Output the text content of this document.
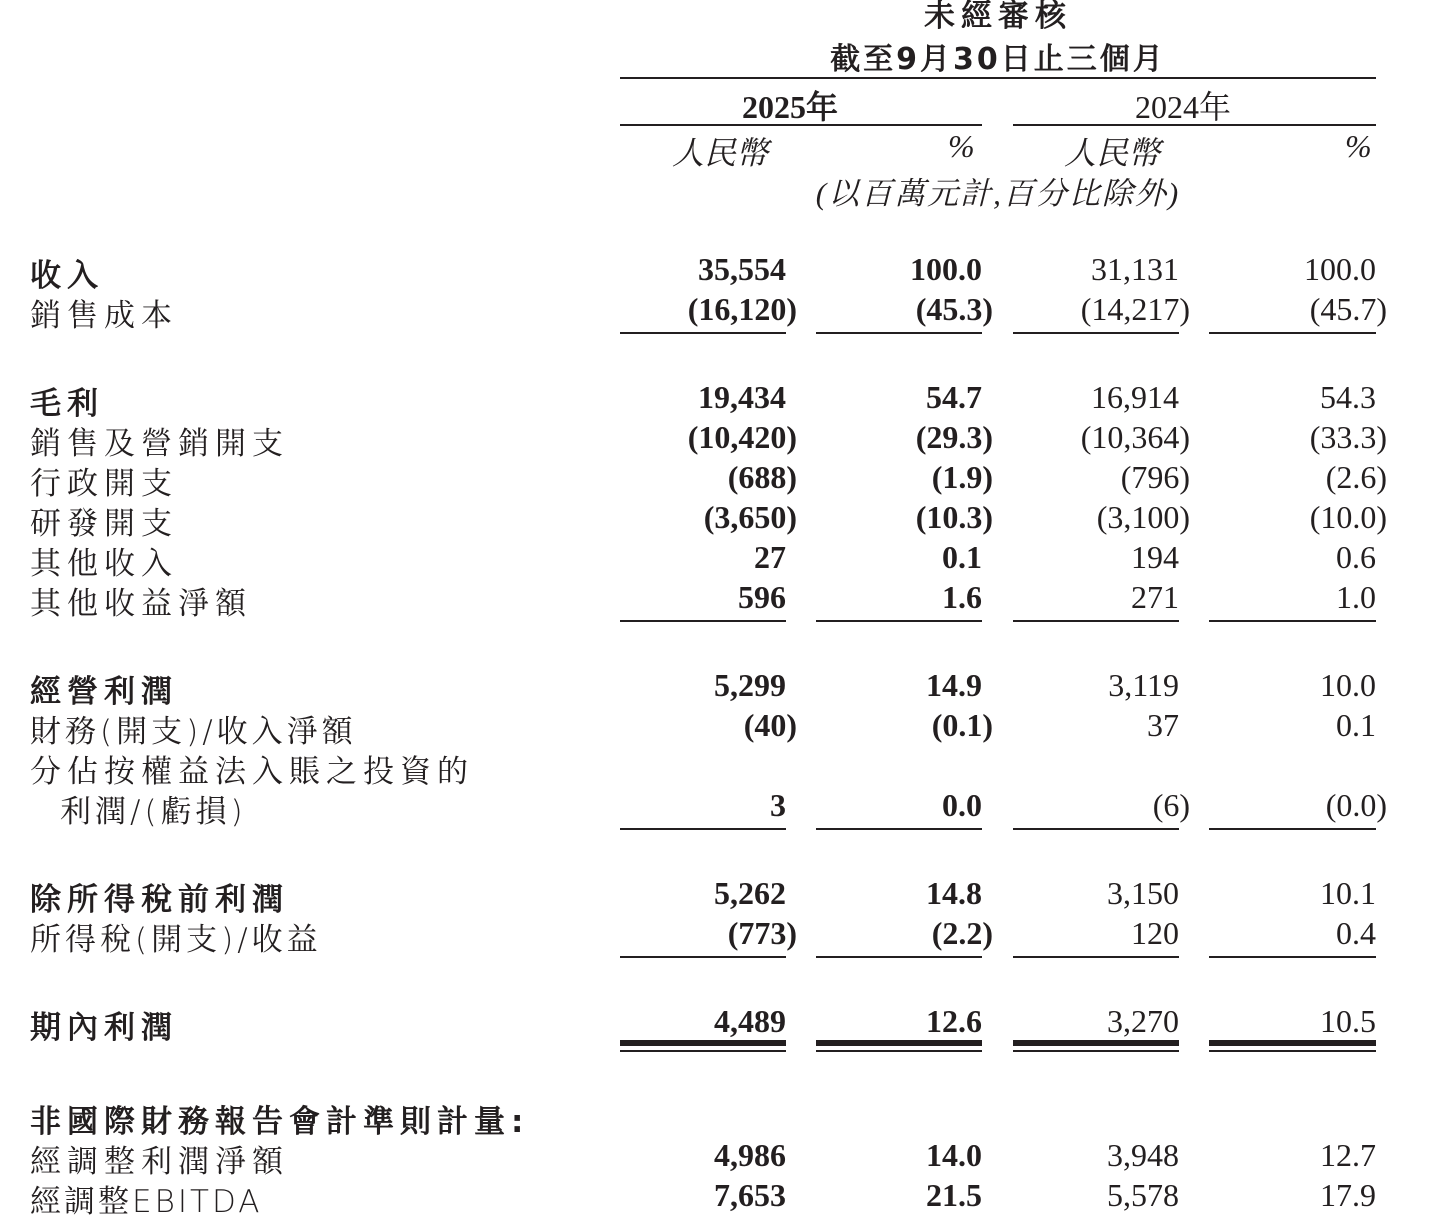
未經審核
截至9月30日止三個月
2025年	2024年
人民幣	%	人民幣	%
(以百萬元計,百分比除外)
收入	35,554	100.0	31,131	100.0
銷售成本	(16,120)	(45.3)	(14,217)	(45.7)
毛利	19,434	54.7	16,914	54.3
銷售及營銷開支	(10,420)	(29.3)	(10,364)	(33.3)
行政開支	(688)	(1.9)	(796)	(2.6)
研發開支	(3,650)	(10.3)	(3,100)	(10.0)
其他收入	27	0.1	194	0.6
其他收益淨額	596	1.6	271	1.0
經營利潤	5,299	14.9	3,119	10.0
財務(開支)/收入淨額	(40)	(0.1)	37	0.1
分佔按權益法入賬之投資的
利潤/(虧損)	3	0.0	(6)	(0.0)
除所得稅前利潤	5,262	14.8	3,150	10.1
所得稅(開支)/收益	(773)	(2.2)	120	0.4
期內利潤	4,489	12.6	3,270	10.5
非國際財務報告會計準則計量:
經調整利潤淨額	4,986	14.0	3,948	12.7
經調整EBITDA	7,653	21.5	5,578	17.9
